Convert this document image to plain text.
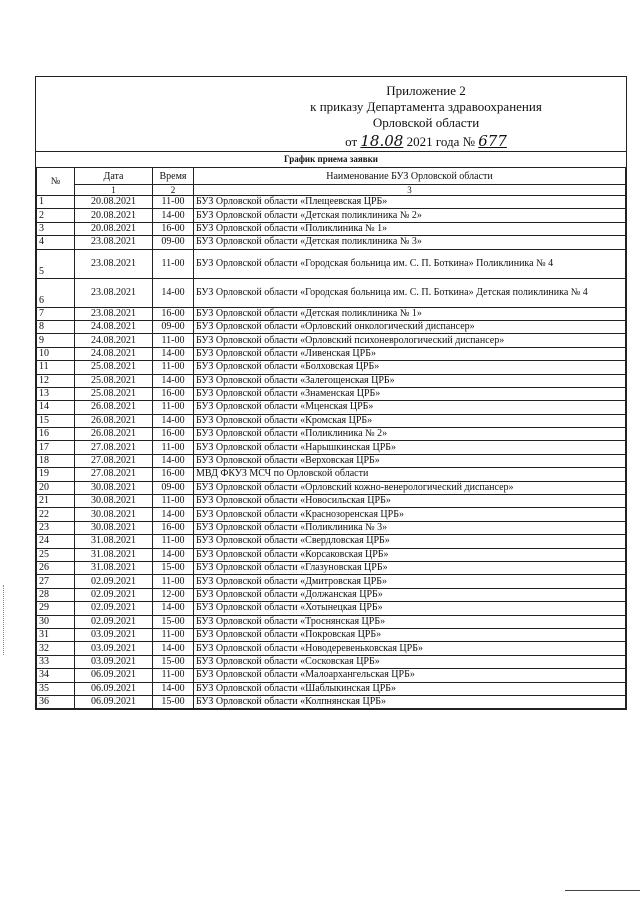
Приложение 2
к приказу Департамента здравоохранения
Орловской области
от 18.08 2021 года № 677
График приема заявки
№	Дата	Время	Наименование БУЗ Орловской области
	1	2	3
1	20.08.2021	11-00	БУЗ Орловской области «Плещеевская ЦРБ»
2	20.08.2021	14-00	БУЗ Орловской области «Детская поликлиника № 2»
3	20.08.2021	16-00	БУЗ Орловской области «Поликлиника № 1»
4	23.08.2021	09-00	БУЗ Орловской области «Детская поликлиника № 3»
5	23.08.2021	11-00	БУЗ Орловской области «Городская больница им. С. П. Боткина» Поликлиника № 4
6	23.08.2021	14-00	БУЗ Орловской области «Городская больница им. С. П. Боткина» Детская поликлиника № 4
7	23.08.2021	16-00	БУЗ Орловской области «Детская поликлиника № 1»
8	24.08.2021	09-00	БУЗ Орловской области «Орловский онкологический диспансер»
9	24.08.2021	11-00	БУЗ Орловской области «Орловский психоневрологический диспансер»
10	24.08.2021	14-00	БУЗ Орловской области «Ливенская ЦРБ»
11	25.08.2021	11-00	БУЗ Орловской области «Болховская ЦРБ»
12	25.08.2021	14-00	БУЗ Орловской области «Залегощенская ЦРБ»
13	25.08.2021	16-00	БУЗ Орловской области «Знаменская ЦРБ»
14	26.08.2021	11-00	БУЗ Орловской области «Мценская ЦРБ»
15	26.08.2021	14-00	БУЗ Орловской области «Кромская ЦРБ»
16	26.08.2021	16-00	БУЗ Орловской области «Поликлиника № 2»
17	27.08.2021	11-00	БУЗ Орловской области «Нарышкинская ЦРБ»
18	27.08.2021	14-00	БУЗ Орловской области «Верховская ЦРБ»
19	27.08.2021	16-00	МВД ФКУЗ МСЧ по Орловской области
20	30.08.2021	09-00	БУЗ Орловской области «Орловский кожно-венерологический диспансер»
21	30.08.2021	11-00	БУЗ Орловской области «Новосильская ЦРБ»
22	30.08.2021	14-00	БУЗ Орловской области «Краснозоренская ЦРБ»
23	30.08.2021	16-00	БУЗ Орловской области «Поликлиника № 3»
24	31.08.2021	11-00	БУЗ Орловской области «Свердловская ЦРБ»
25	31.08.2021	14-00	БУЗ Орловской области «Корсаковская ЦРБ»
26	31.08.2021	15-00	БУЗ Орловской области «Глазуновская ЦРБ»
27	02.09.2021	11-00	БУЗ Орловской области «Дмитровская ЦРБ»
28	02.09.2021	12-00	БУЗ Орловской области «Должанская ЦРБ»
29	02.09.2021	14-00	БУЗ Орловской области «Хотынецкая ЦРБ»
30	02.09.2021	15-00	БУЗ Орловской области «Троснянская ЦРБ»
31	03.09.2021	11-00	БУЗ Орловской области «Покровская ЦРБ»
32	03.09.2021	14-00	БУЗ Орловской области «Новодеревеньковская ЦРБ»
33	03.09.2021	15-00	БУЗ Орловской области «Сосковская ЦРБ»
34	06.09.2021	11-00	БУЗ Орловской области «Малоархангельская ЦРБ»
35	06.09.2021	14-00	БУЗ Орловской области «Шаблыкинская ЦРБ»
36	06.09.2021	15-00	БУЗ Орловской области «Колпнянская ЦРБ»
